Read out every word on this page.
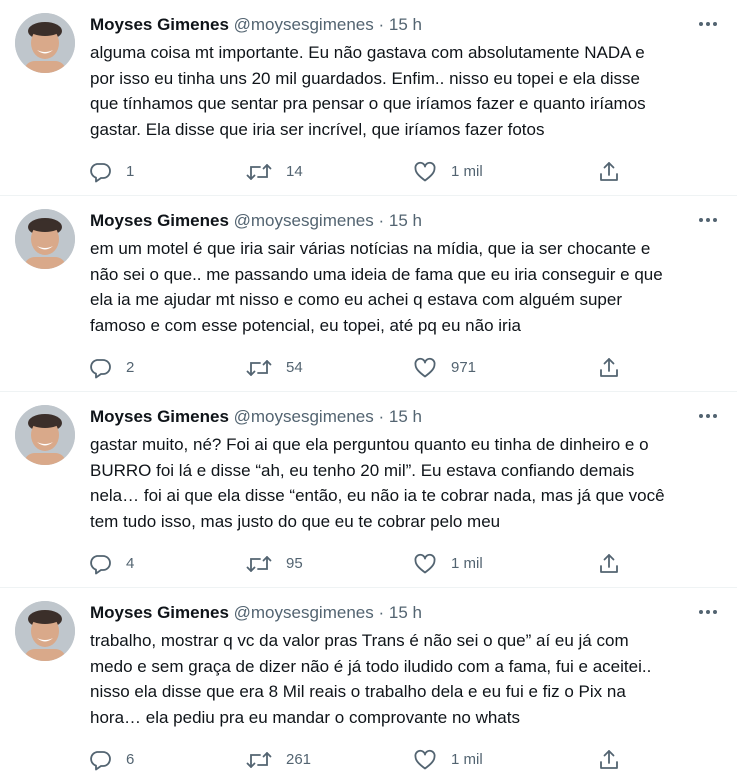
Moyses Gimenes @moysesgimenes · 15 h
alguma coisa mt importante. Eu não gastava com absolutamente NADA e
por isso eu tinha uns 20 mil guardados. Enfim.. nisso eu topei e ela disse
que tínhamos que sentar pra pensar o que iríamos fazer e quanto iríamos
gastar. Ela disse que iria ser incrível, que iríamos fazer fotos
1	14	1 mil
Moyses Gimenes @moysesgimenes · 15 h
em um motel é que iria sair várias notícias na mídia, que ia ser chocante e
não sei o que.. me passando uma ideia de fama que eu iria conseguir e que
ela ia me ajudar mt nisso e como eu achei q estava com alguém super
famoso e com esse potencial, eu topei, até pq eu não iria
2	54	971
Moyses Gimenes @moysesgimenes · 15 h
gastar muito, né? Foi ai que ela perguntou quanto eu tinha de dinheiro e o
BURRO foi lá e disse “ah, eu tenho 20 mil”. Eu estava confiando demais
nela… foi ai que ela disse “então, eu não ia te cobrar nada, mas já que você
tem tudo isso, mas justo do que eu te cobrar pelo meu
4	95	1 mil
Moyses Gimenes @moysesgimenes · 15 h
trabalho, mostrar q vc da valor pras Trans é não sei o que” aí eu já com
medo e sem graça de dizer não é já todo iludido com a fama, fui e aceitei..
nisso ela disse que era 8 Mil reais o trabalho dela e eu fui e fiz o Pix na
hora… ela pediu pra eu mandar o comprovante no whats
6	261	1 mil
